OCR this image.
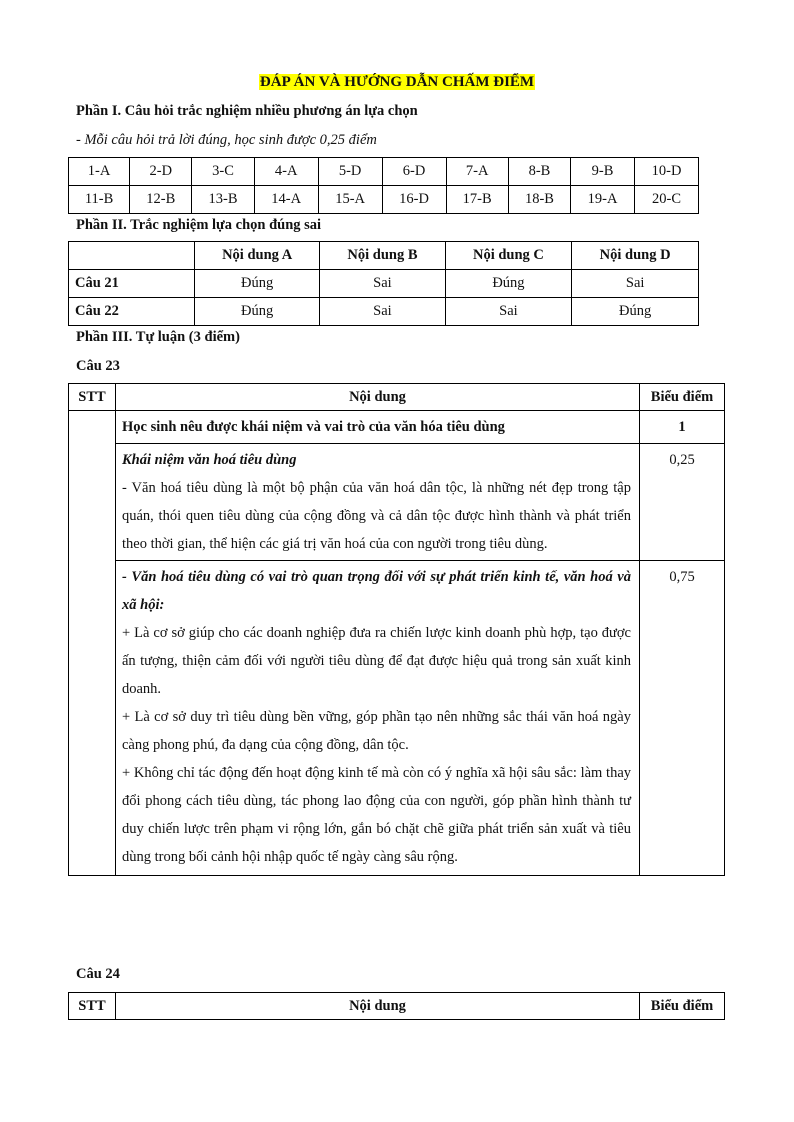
ĐÁP ÁN VÀ HƯỚNG DẪN CHẤM ĐIỂM
Phần I. Câu hỏi trắc nghiệm nhiều phương án lựa chọn
- Mỗi câu hỏi trả lời đúng, học sinh được 0,25 điểm
1-A	2-D	3-C	4-A	5-D	6-D	7-A	8-B	9-B	10-D
11-B	12-B	13-B	14-A	15-A	16-D	17-B	18-B	19-A	20-C
Phần II. Trắc nghiệm lựa chọn đúng sai
	Nội dung A	Nội dung B	Nội dung C	Nội dung D
Câu 21	Đúng	Sai	Đúng	Sai
Câu 22	Đúng	Sai	Sai	Đúng
Phần III. Tự luận (3 điểm)
Câu 23
STT	Nội dung	Biểu điểm
	Học sinh nêu được khái niệm và vai trò của văn hóa tiêu dùng	1

	Khái niệm văn hoá tiêu dùng
- Văn hoá tiêu dùng là một bộ phận của văn hoá dân tộc, là những nét đẹp trong tập quán, thói quen tiêu dùng của cộng đồng và cả dân tộc được hình thành và phát triển theo thời gian, thể hiện các giá trị văn hoá của con người trong tiêu dùng.	0,25

	- Văn hoá tiêu dùng có vai trò quan trọng đối với sự phát triển kinh tế, văn hoá và xã hội:
+ Là cơ sở giúp cho các doanh nghiệp đưa ra chiến lược kinh doanh phù hợp, tạo được ấn tượng, thiện cảm đối với người tiêu dùng để đạt được hiệu quả trong sản xuất kinh doanh.
+ Là cơ sở duy trì tiêu dùng bền vững, góp phần tạo nên những sắc thái văn hoá ngày càng phong phú, đa dạng của cộng đồng, dân tộc.
+ Không chỉ tác động đến hoạt động kinh tế mà còn có ý nghĩa xã hội sâu sắc: làm thay đổi phong cách tiêu dùng, tác phong lao động của con người, góp phần hình thành tư duy chiến lược trên phạm vi rộng lớn, gắn bó chặt chẽ giữa phát triển sản xuất và tiêu dùng trong bối cảnh hội nhập quốc tế ngày càng sâu rộng.	0,75
Câu 24
STT	Nội dung	Biểu điểm
